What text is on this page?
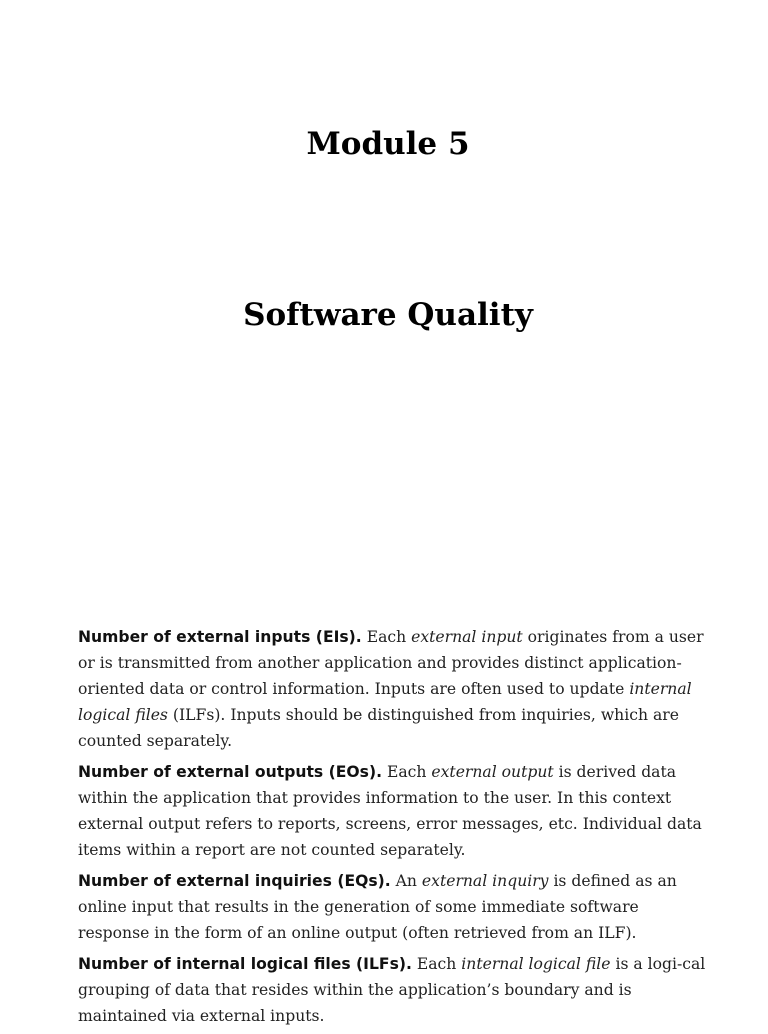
Module 5
Software Quality

Number of external inputs (EIs). Each external input originates from a user or is transmitted from another application and provides distinct application-oriented data or control information. Inputs are often used to update internal logical files (ILFs). Inputs should be distinguished from inquiries, which are counted separately.

Number of external outputs (EOs). Each external output is derived data within the application that provides information to the user. In this context external output refers to reports, screens, error messages, etc. Individual data items within a report are not counted separately.

Number of external inquiries (EQs). An external inquiry is defined as an online input that results in the generation of some immediate software response in the form of an online output (often retrieved from an ILF).

Number of internal logical files (ILFs). Each internal logical file is a logi-cal grouping of data that resides within the application’s boundary and is maintained via external inputs.
